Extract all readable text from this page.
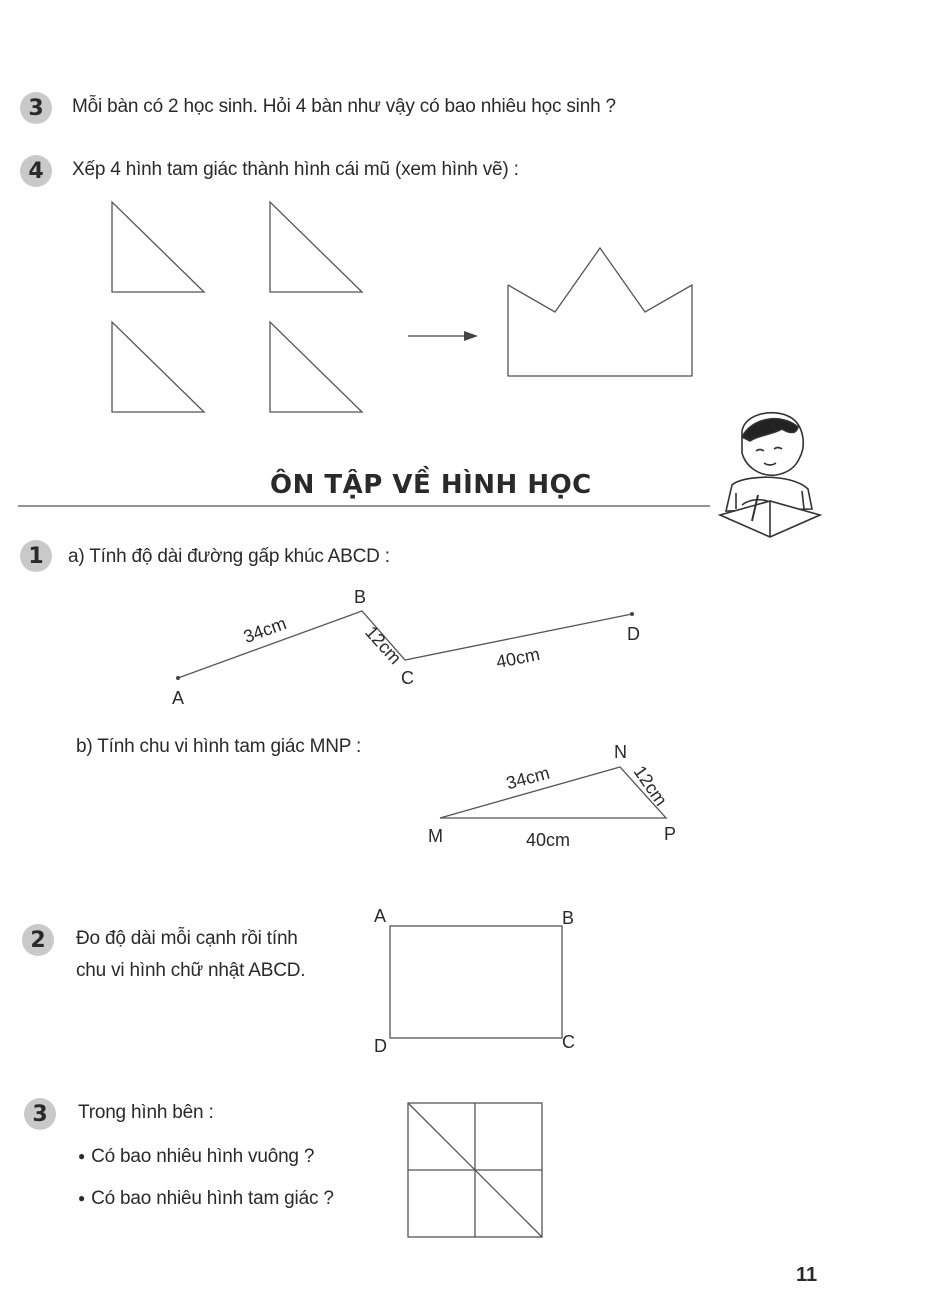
3	Mỗi bàn có 2 học sinh. Hỏi 4 bàn như vậy có bao nhiêu học sinh ?
4	Xếp 4 hình tam giác thành hình cái mũ (xem hình vẽ) :
ÔN TẬP VỀ HÌNH HỌC
1	a) Tính độ dài đường gấp khúc ABCD :
A
B
C
D
34cm	12cm	40cm
b) Tính chu vi hình tam giác MNP :
M
N
P
34cm	12cm
40cm
2	Đo độ dài mỗi cạnh rồi tính
chu vi hình chữ nhật ABCD.
A	B
C
D
3	Trong hình bên :
● Có bao nhiêu hình vuông ?
● Có bao nhiêu hình tam giác ?
11
